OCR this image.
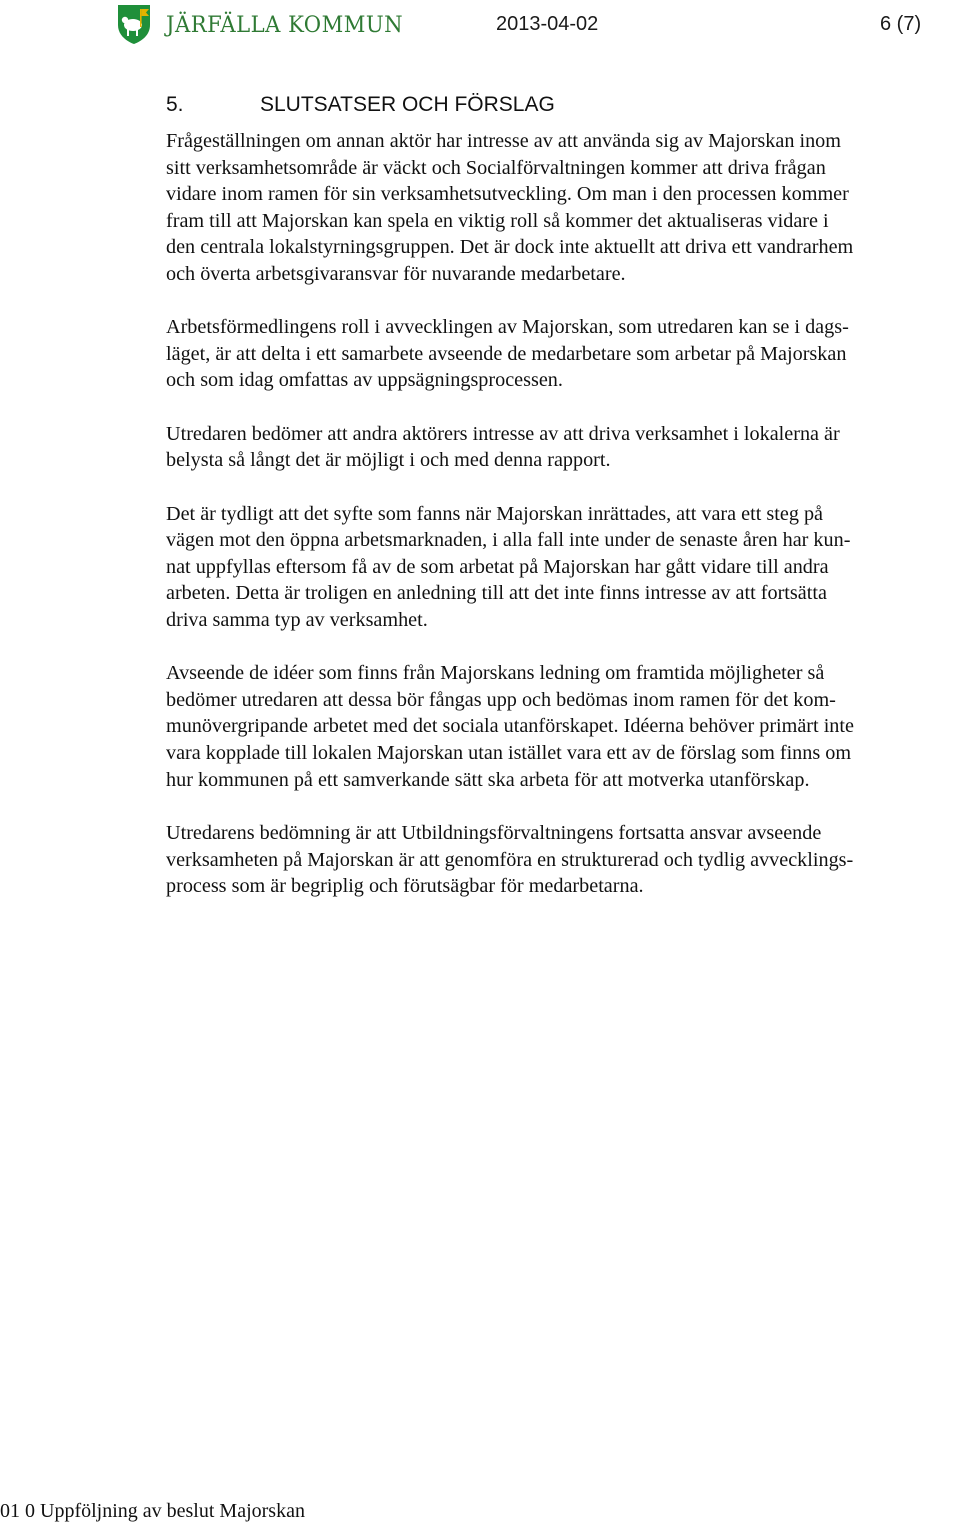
JÄRFÄLLA KOMMUN	2013-04-02	6 (7)
5.	SLUTSATSER OCH FÖRSLAG

Frågeställningen om annan aktör har intresse av att använda sig av Majorskan inom
sitt verksamhetsområde är väckt och Socialförvaltningen kommer att driva frågan
vidare inom ramen för sin verksamhetsutveckling. Om man i den processen kommer
fram till att Majorskan kan spela en viktig roll så kommer det aktualiseras vidare i
den centrala lokalstyrningsgruppen. Det är dock inte aktuellt att driva ett vandrarhem
och överta arbetsgivaransvar för nuvarande medarbetare.

Arbetsförmedlingens roll i avvecklingen av Majorskan, som utredaren kan se i dags-
läget, är att delta i ett samarbete avseende de medarbetare som arbetar på Majorskan
och som idag omfattas av uppsägningsprocessen.

Utredaren bedömer att andra aktörers intresse av att driva verksamhet i lokalerna är
belysta så långt det är möjligt i och med denna rapport.

Det är tydligt att det syfte som fanns när Majorskan inrättades, att vara ett steg på
vägen mot den öppna arbetsmarknaden, i alla fall inte under de senaste åren har kun-
nat uppfyllas eftersom få av de som arbetat på Majorskan har gått vidare till andra
arbeten. Detta är troligen en anledning till att det inte finns intresse av att fortsätta
driva samma typ av verksamhet.

Avseende de idéer som finns från Majorskans ledning om framtida möjligheter så
bedömer utredaren att dessa bör fångas upp och bedömas inom ramen för det kom-
munövergripande arbetet med det sociala utanförskapet. Idéerna behöver primärt inte
vara kopplade till lokalen Majorskan utan istället vara ett av de förslag som finns om
hur kommunen på ett samverkande sätt ska arbeta för att motverka utanförskap.

Utredarens bedömning är att Utbildningsförvaltningens fortsatta ansvar avseende
verksamheten på Majorskan är att genomföra en strukturerad och tydlig avvecklings-
process som är begriplig och förutsägbar för medarbetarna.

01 0 Uppföljning av beslut Majorskan
